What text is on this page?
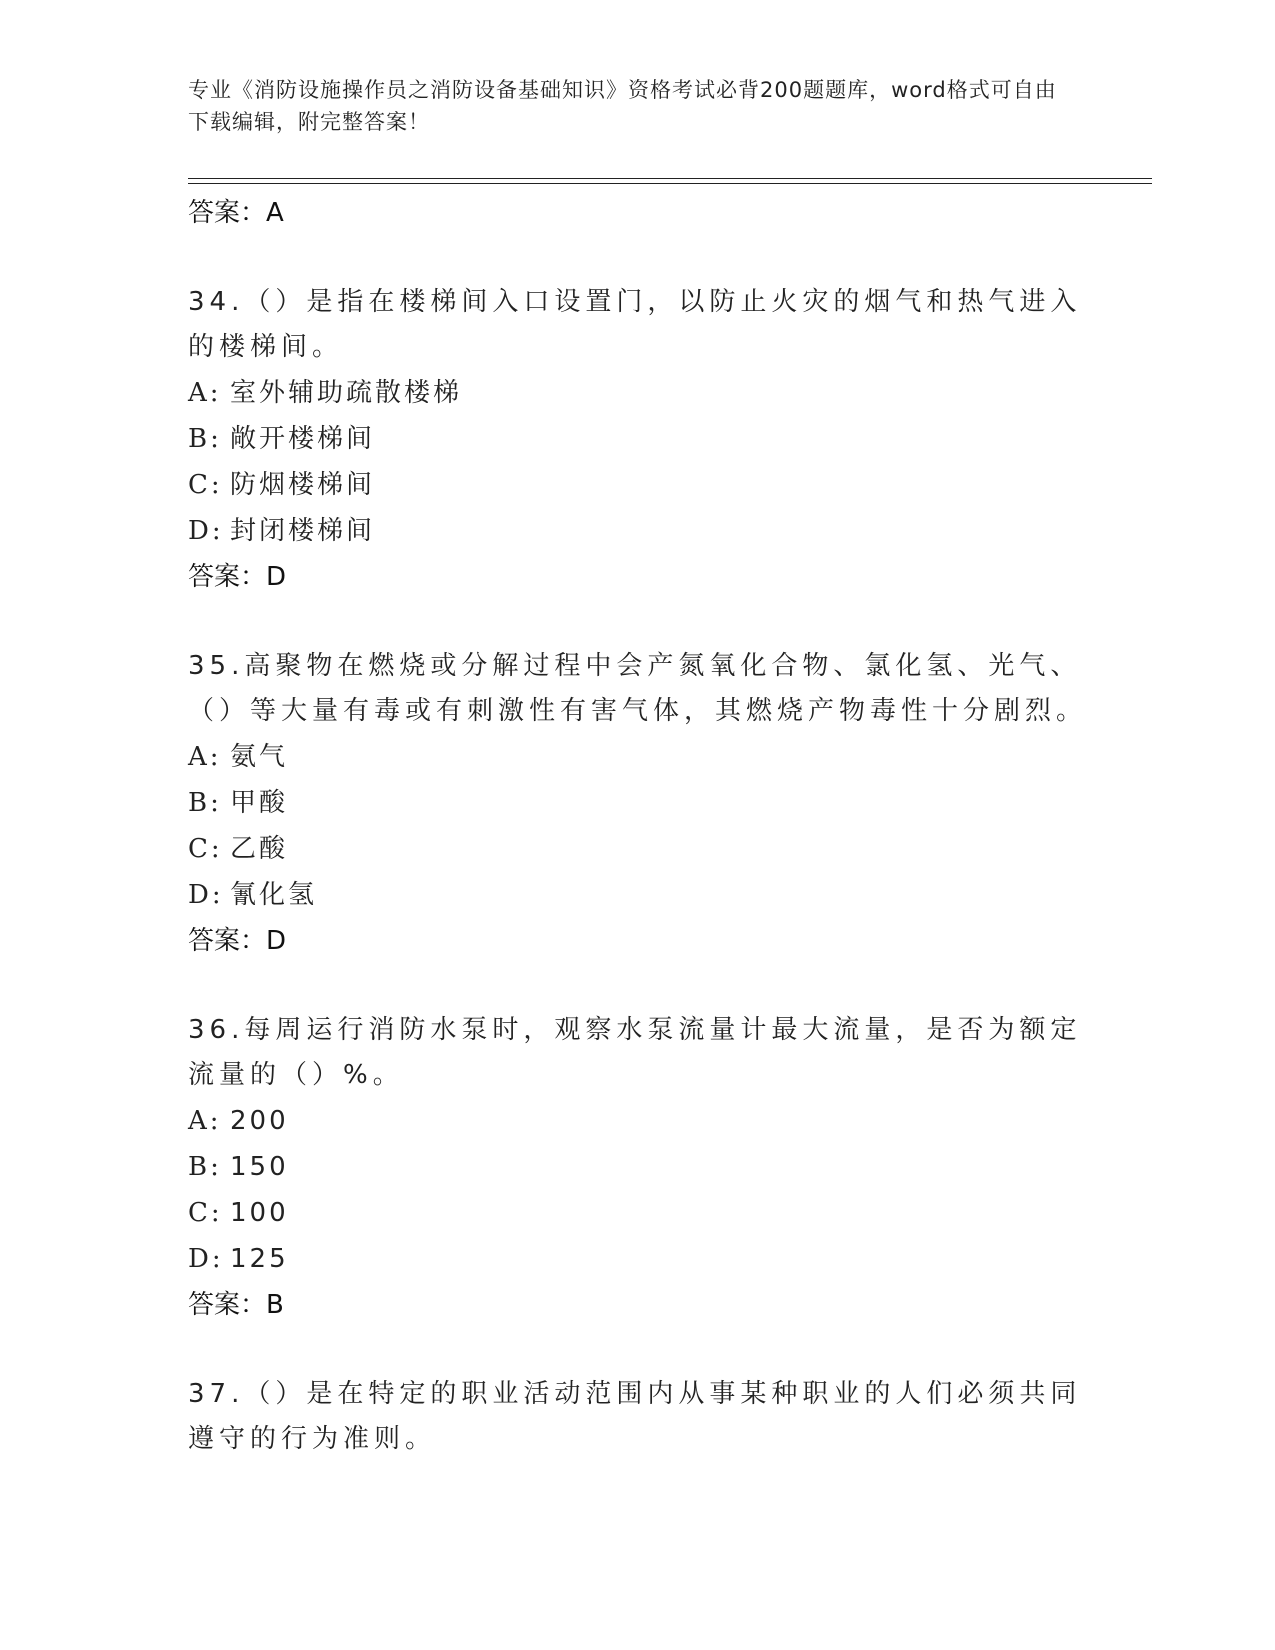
专业《消防设施操作员之消防设备基础知识》资格考试必背200题题库，word格式可自由下载编辑，附完整答案！
答案：A
34.（）是指在楼梯间入口设置门，以防止火灾的烟气和热气进入的楼梯间。
A: 室外辅助疏散楼梯
B: 敞开楼梯间
C: 防烟楼梯间
D: 封闭楼梯间
答案：D
35.高聚物在燃烧或分解过程中会产氮氧化合物、氯化氢、光气、（）等大量有毒或有刺激性有害气体，其燃烧产物毒性十分剧烈。
A: 氨气
B: 甲酸
C: 乙酸
D: 氰化氢
答案：D
36.每周运行消防水泵时，观察水泵流量计最大流量，是否为额定流量的（）%。
A: 200
B: 150
C: 100
D: 125
答案：B
37.（）是在特定的职业活动范围内从事某种职业的人们必须共同遵守的行为准则。
